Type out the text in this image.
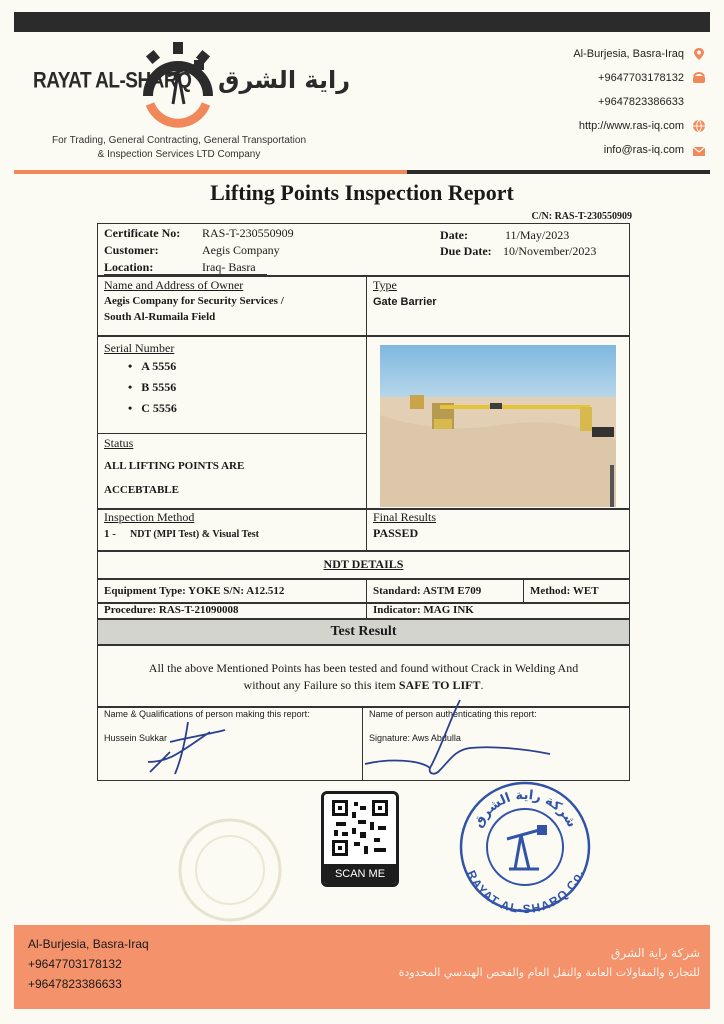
RAYAT AL-SHARQ راية الشرق
For Trading, General Contracting, General Transportation
& Inspection Services LTD Company
Al-Burjesia, Basra-Iraq
+9647703178132
+9647823386633
http://www.ras-iq.com
info@ras-iq.com
Lifting Points Inspection Report
C/N: RAS-T-230550909
Certificate No: RAS-T-230550909
Customer:	Aegis Company
Location:	Iraq- Basra
Date:	11/May/2023
Due Date: 10/November/2023
Name and Address of Owner
Aegis Company for Security Services /
South Al-Rumaila Field
Type
Gate Barrier
Serial Number
•   A 5556
•   B 5556
•   C 5556
Status
ALL LIFTING POINTS ARE
ACCEBTABLE
Inspection Method
1 - NDT (MPI Test) & Visual Test
Final Results
PASSED
NDT DETAILS
Equipment Type: YOKE S/N: A12.512	Standard: ASTM E709	Method: WET
Procedure: RAS-T-21090008	Indicator: MAG INK
Test Result
All the above Mentioned Points has been tested and found without Crack in Welding And
without any Failure so this item SAFE TO LIFT.
Name & Qualifications of person making this report:
Hussein Sukkar
Name of person authenticating this report:
Signature: Aws Abdulla
SCAN ME
شركة راية الشرق
RAYAT AL-SHARQ Co.
Al-Burjesia, Basra-Iraq
+9647703178132
+9647823386633
شركة راية الشرق
للتجارة والمقاولات العامة والنقل العام والفحص الهندسي المحدودة
